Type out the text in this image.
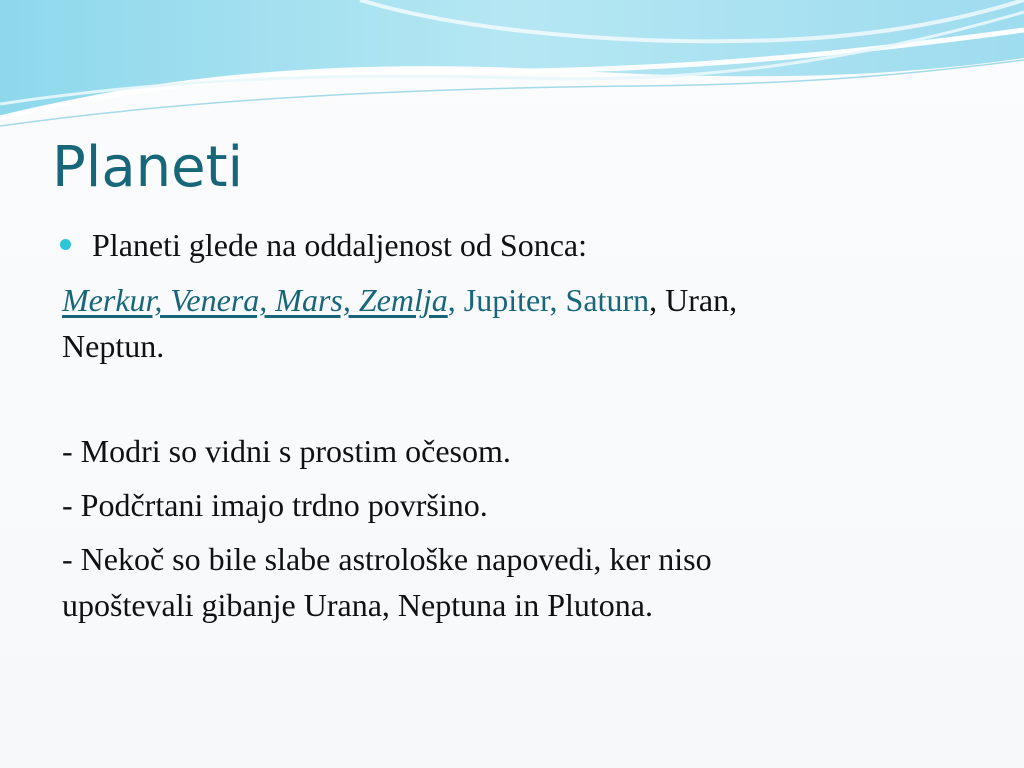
Planeti
Planeti glede na oddaljenost od Sonca:
Merkur, Venera, Mars, Zemlja, Jupiter, Saturn, Uran,
Neptun.
- Modri so vidni s prostim očesom.
- Podčrtani imajo trdno površino.
- Nekoč so bile slabe astrološke napovedi, ker niso
upoštevali gibanje Urana, Neptuna in Plutona.
